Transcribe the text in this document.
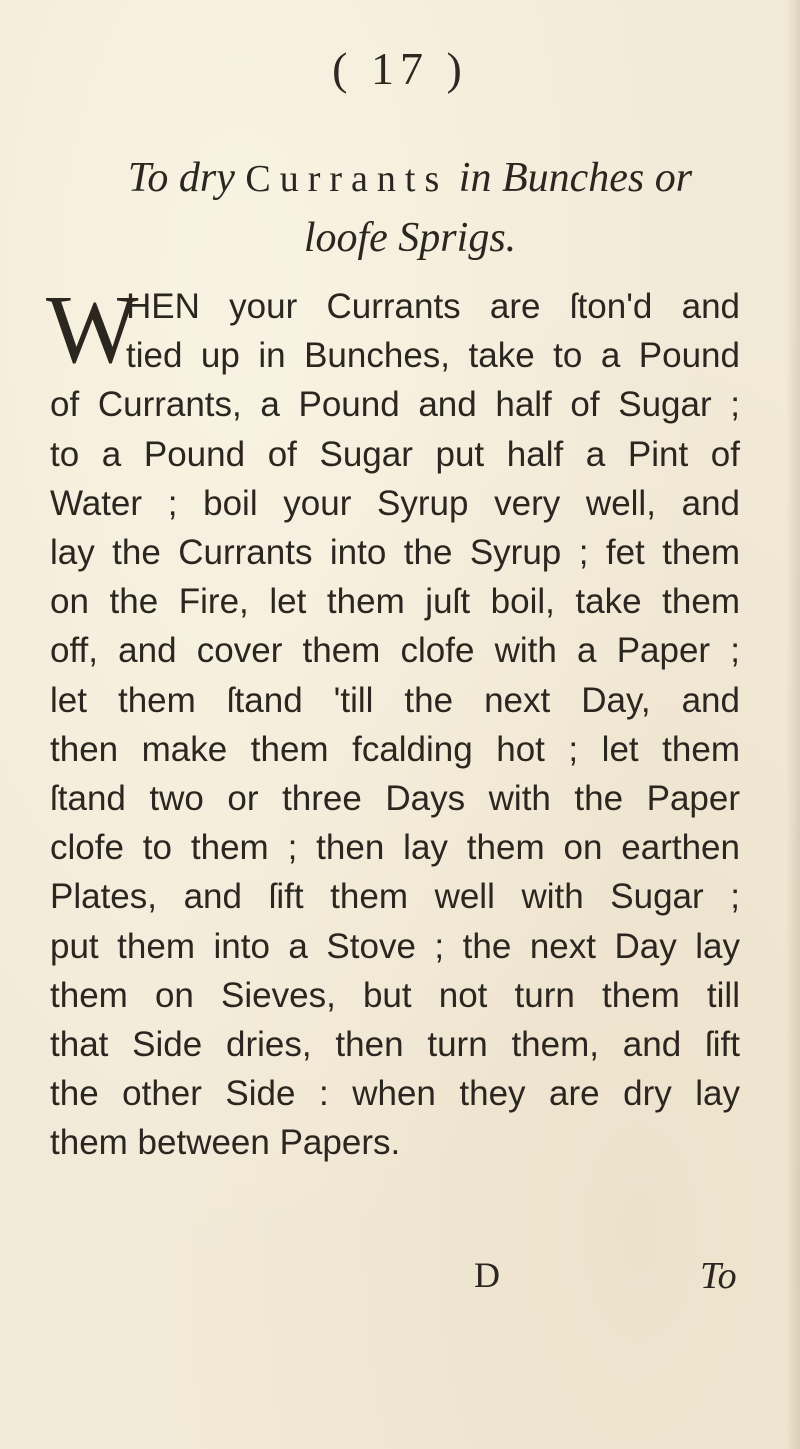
( 17 )
To dry Currants in Bunches or
loofe Sprigs.
W
HEN your Currants are ſton'd and
tied up in Bunches, take to a Pound
of Currants, a Pound and half of Sugar ;
to a Pound of Sugar put half a Pint of
Water ; boil your Syrup very well, and
lay the Currants into the Syrup ; fet them
on the Fire, let them juſt boil, take them
off, and cover them clofe with a Paper ;
let them ſtand 'till the next Day, and
then make them fcalding hot ; let them
ſtand two or three Days with the Paper
clofe to them ; then lay them on earthen
Plates, and ſift them well with Sugar ;
put them into a Stove ; the next Day lay
them on Sieves, but not turn them till
that Side dries, then turn them, and ſift
the other Side : when they are dry lay
them between Papers.
D	To
